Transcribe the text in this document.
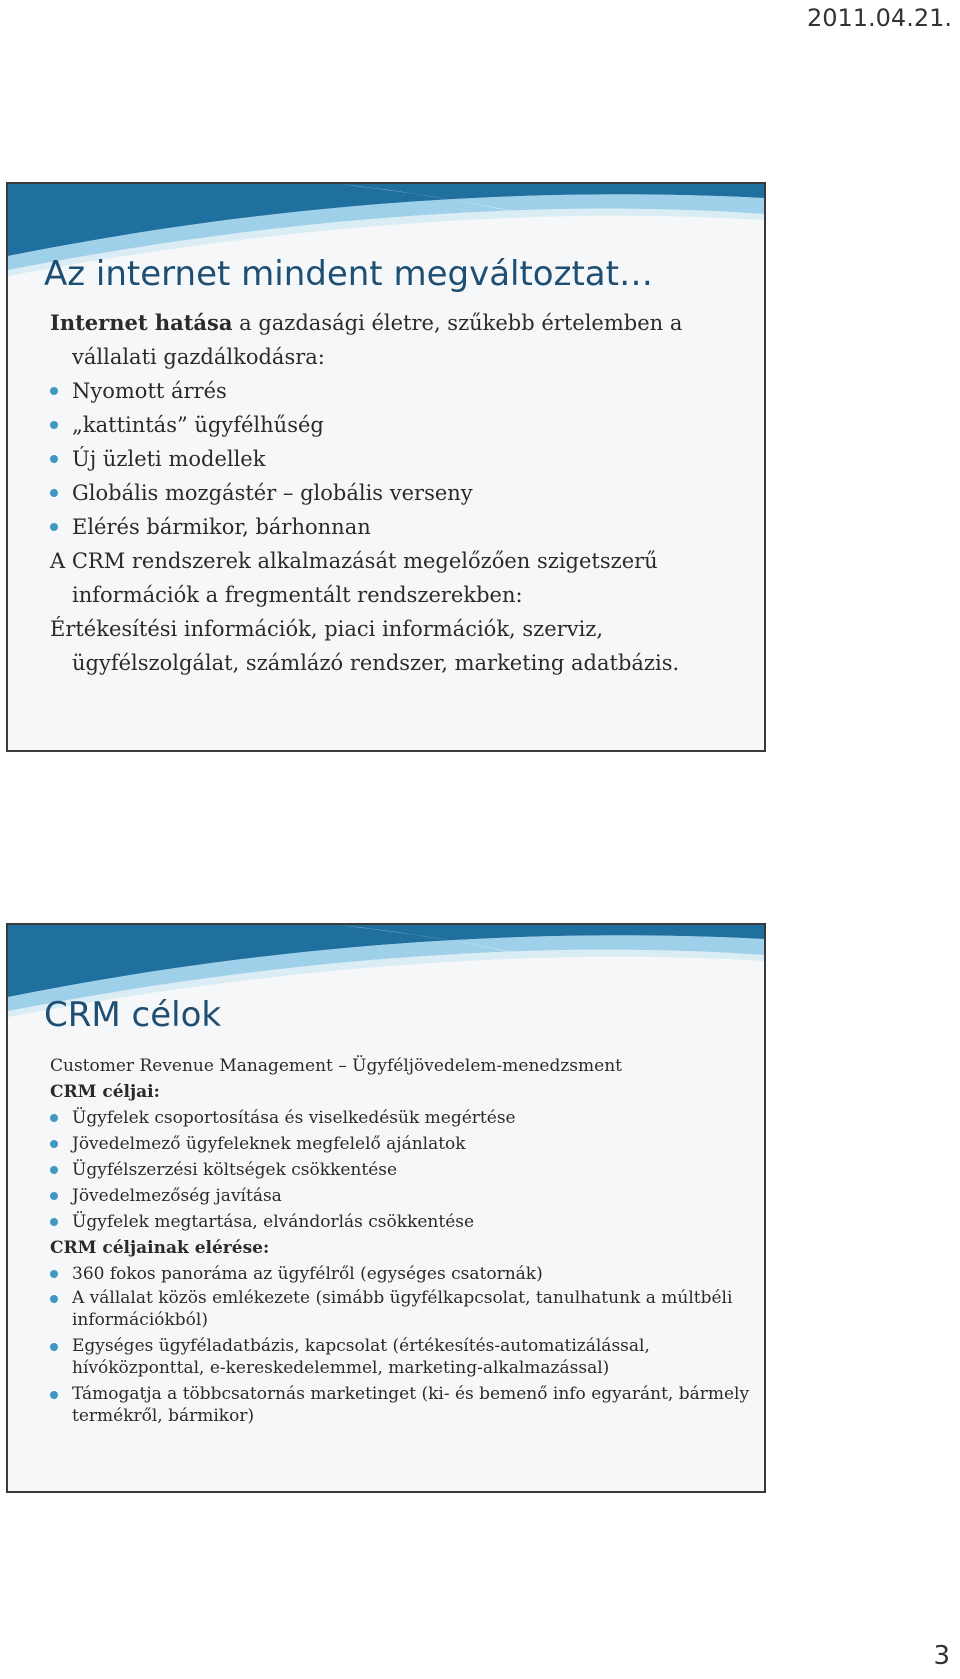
2011.04.21.
Az internet mindent megváltoztat…
Internet hatása a gazdasági életre, szűkebb értelemben a vállalati gazdálkodásra:
Nyomott árrés
„kattintás” ügyfélhűség
Új üzleti modellek
Globális mozgástér – globális verseny
Elérés bármikor, bárhonnan
A CRM rendszerek alkalmazását megelőzően szigetszerű információk a fregmentált rendszerekben:
Értékesítési információk, piaci információk, szerviz, ügyfélszolgálat, számlázó rendszer, marketing adatbázis.
CRM célok
Customer Revenue Management – Ügyféljövedelem-menedzsment
CRM céljai:
Ügyfelek csoportosítása és viselkedésük megértése
Jövedelmező ügyfeleknek megfelelő ajánlatok
Ügyfélszerzési költségek csökkentése
Jövedelmezőség javítása
Ügyfelek megtartása, elvándorlás csökkentése
CRM céljainak elérése:
360 fokos panoráma az ügyfélről (egységes csatornák)
A vállalat közös emlékezete (simább ügyfélkapcsolat, tanulhatunk a múltbéli információkból)
Egységes ügyféladatbázis, kapcsolat (értékesítés-automatizálással, hívóközponttal, e-kereskedelemmel, marketing-alkalmazással)
Támogatja a többcsatornás marketinget (ki- és bemenő info egyaránt, bármely termékről, bármikor)
3
